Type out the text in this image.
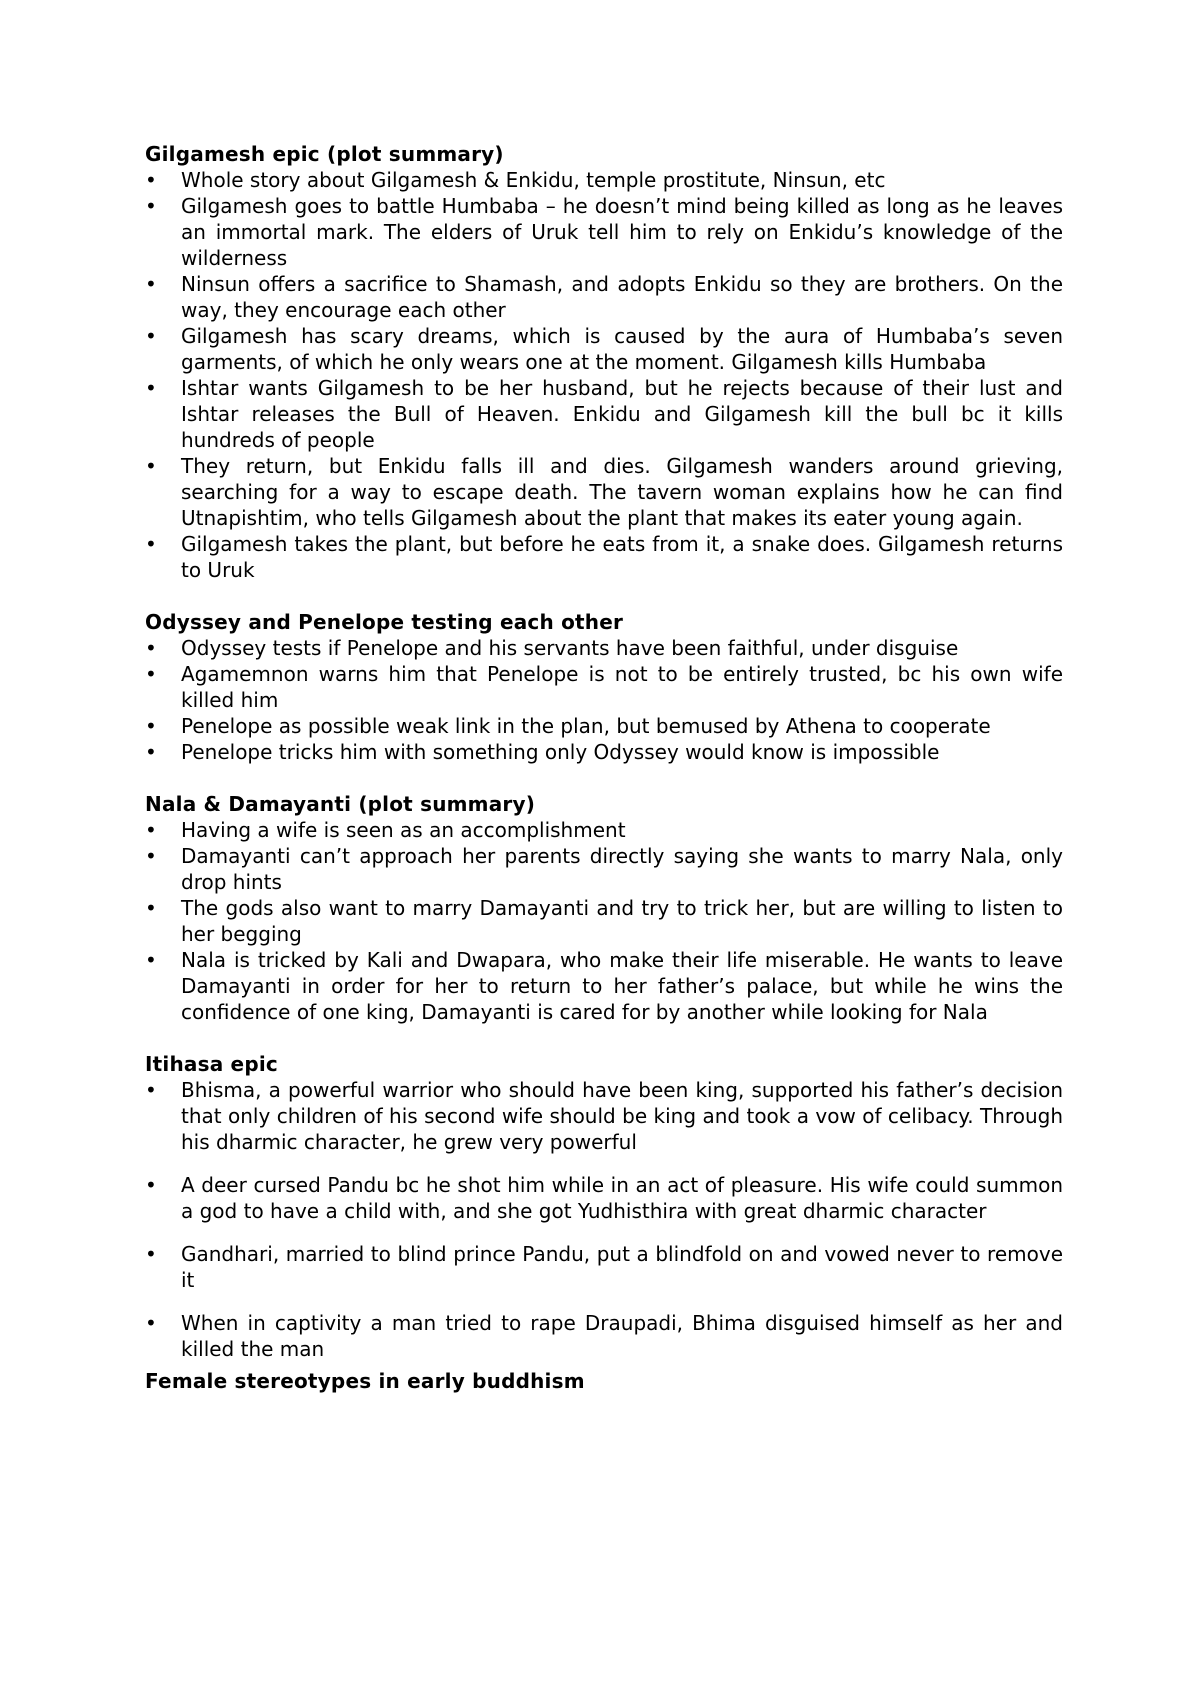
Gilgamesh epic (plot summary)

•	Whole story about Gilgamesh & Enkidu, temple prostitute, Ninsun, etc
•	Gilgamesh goes to battle Humbaba – he doesn’t mind being killed as long as he leaves an immortal mark. The elders of Uruk tell him to rely on Enkidu’s knowledge of the wilderness
•	Ninsun offers a sacrifice to Shamash, and adopts Enkidu so they are brothers. On the way, they encourage each other
•	Gilgamesh has scary dreams, which is caused by the aura of Humbaba’s seven garments, of which he only wears one at the moment. Gilgamesh kills Humbaba
•	Ishtar wants Gilgamesh to be her husband, but he rejects because of their lust and Ishtar releases the Bull of Heaven. Enkidu and Gilgamesh kill the bull bc it kills hundreds of people
•	They return, but Enkidu falls ill and dies. Gilgamesh wanders around grieving, searching for a way to escape death. The tavern woman explains how he can find Utnapishtim, who tells Gilgamesh about the plant that makes its eater young again.
•	Gilgamesh takes the plant, but before he eats from it, a snake does. Gilgamesh returns to Uruk

Odyssey and Penelope testing each other

•	Odyssey tests if Penelope and his servants have been faithful, under disguise
•	Agamemnon warns him that Penelope is not to be entirely trusted, bc his own wife killed him
•	Penelope as possible weak link in the plan, but bemused by Athena to cooperate
•	Penelope tricks him with something only Odyssey would know is impossible

Nala & Damayanti (plot summary)

•	Having a wife is seen as an accomplishment
•	Damayanti can’t approach her parents directly saying she wants to marry Nala, only drop hints
•	The gods also want to marry Damayanti and try to trick her, but are willing to listen to her begging
•	Nala is tricked by Kali and Dwapara, who make their life miserable. He wants to leave Damayanti in order for her to return to her father’s palace, but while he wins the confidence of one king, Damayanti is cared for by another while looking for Nala

Itihasa epic

•	Bhisma, a powerful warrior who should have been king, supported his father’s decision that only children of his second wife should be king and took a vow of celibacy. Through his dharmic character, he grew very powerful
•	A deer cursed Pandu bc he shot him while in an act of pleasure. His wife could summon a god to have a child with, and she got Yudhisthira with great dharmic character
•	Gandhari, married to blind prince Pandu, put a blindfold on and vowed never to remove it
•	When in captivity a man tried to rape Draupadi, Bhima disguised himself as her and killed the man

Female stereotypes in early buddhism
